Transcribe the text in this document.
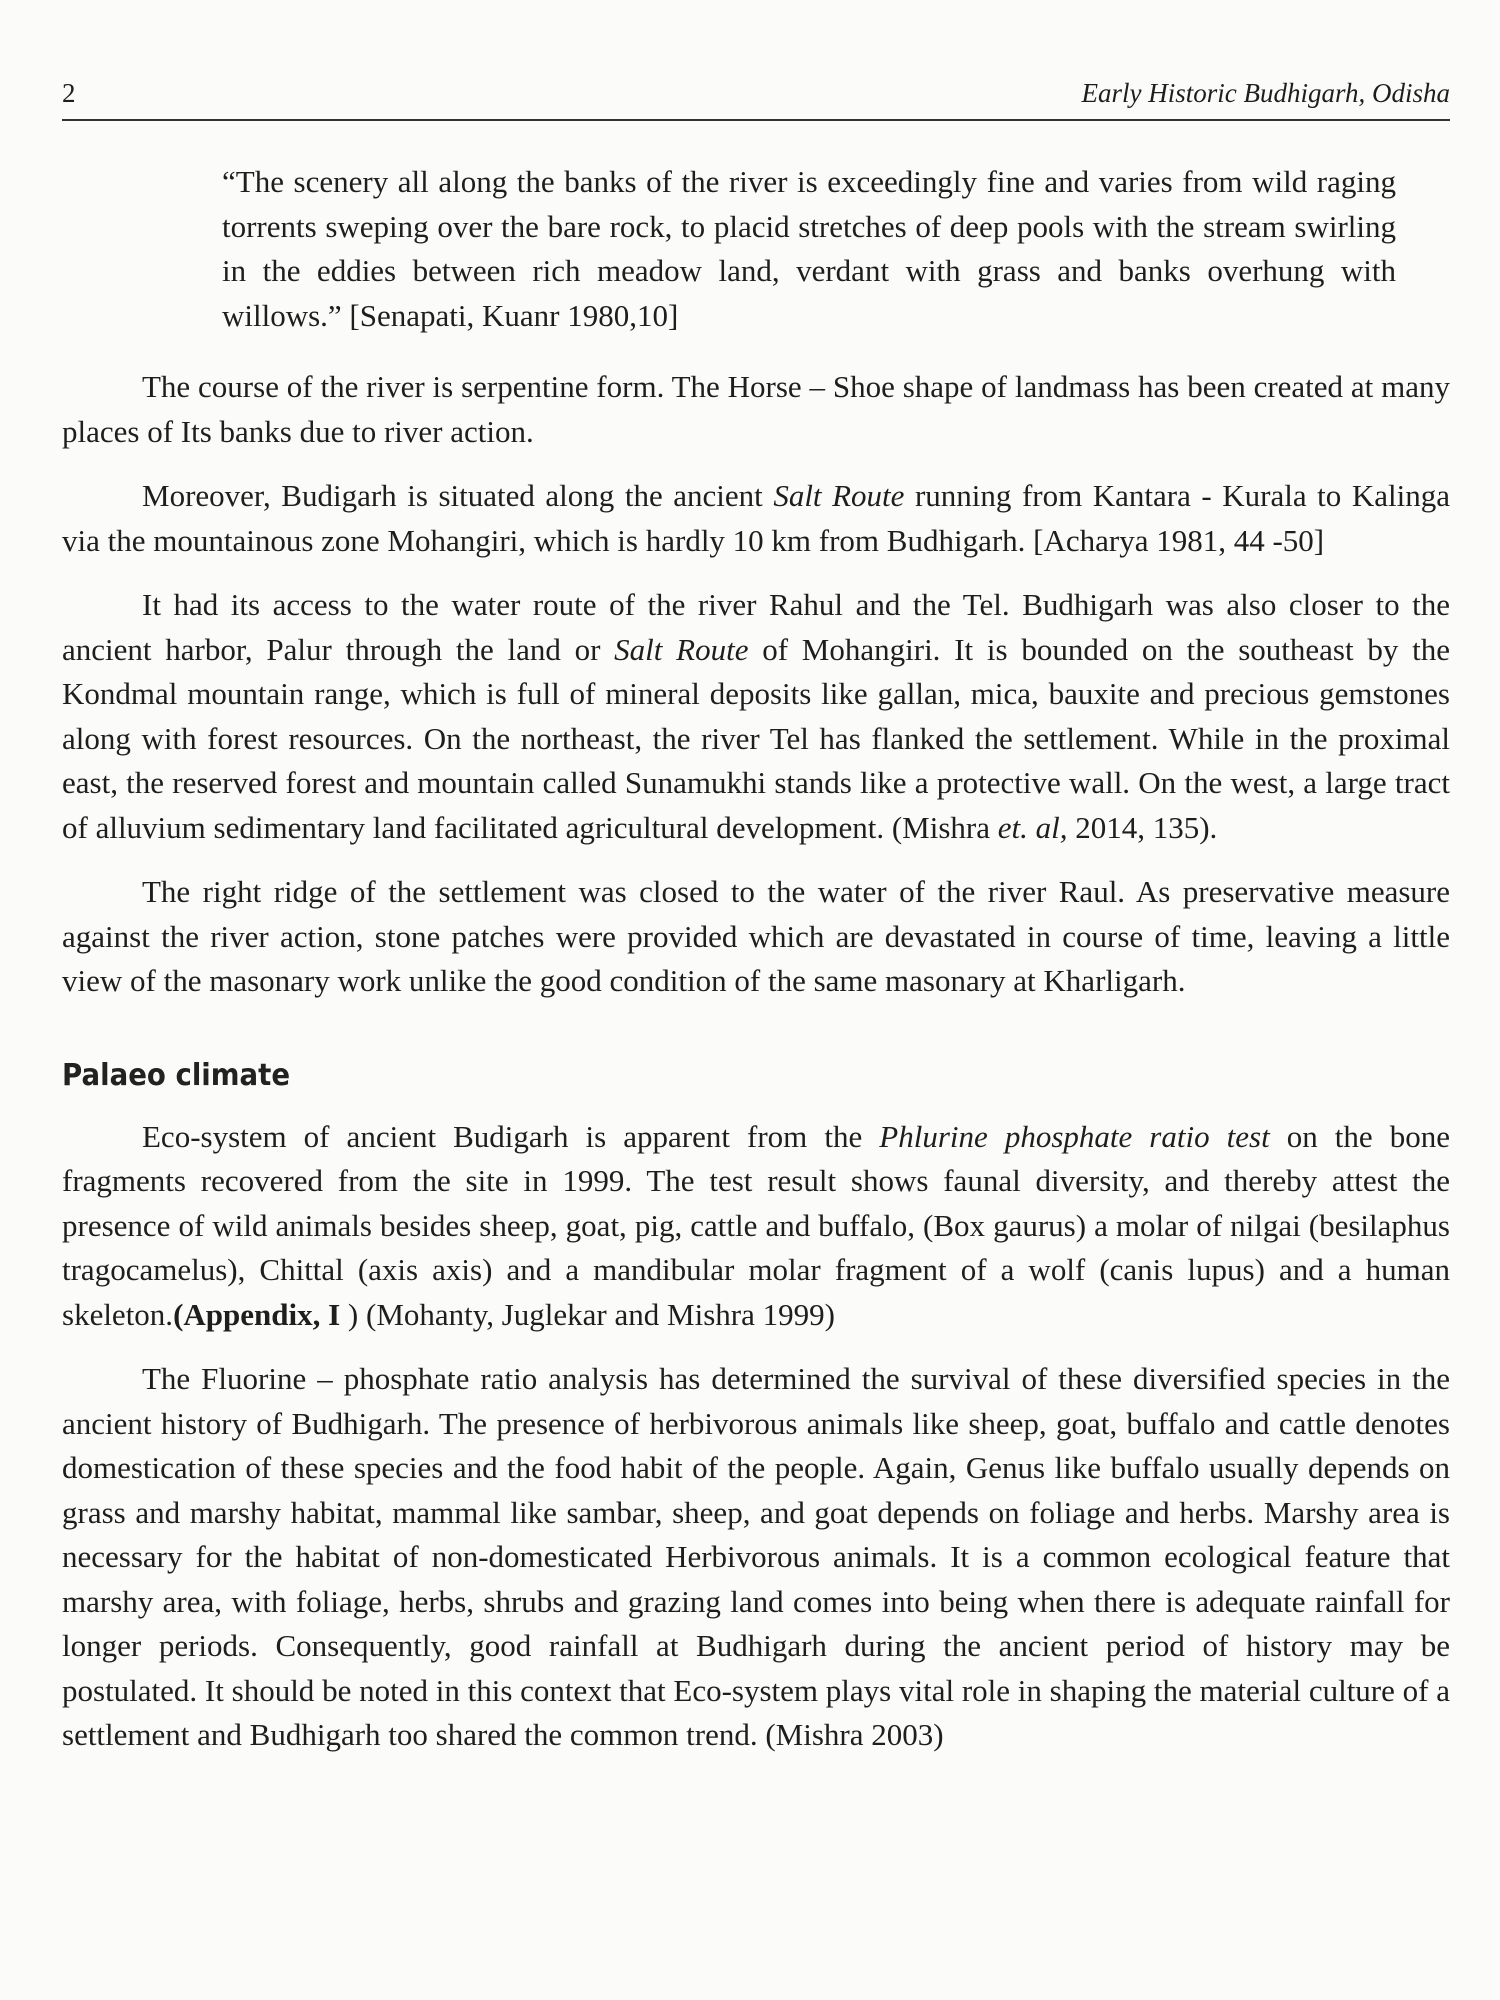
2	Early Historic Budhigarh, Odisha

“The scenery all along the banks of the river is exceedingly fine and varies from wild raging torrents sweping over the bare rock, to placid stretches of deep pools with the stream swirling in the eddies between rich meadow land, verdant with grass and banks overhung with willows.” [Senapati, Kuanr 1980,10]

The course of the river is serpentine form. The Horse – Shoe shape of landmass has been created at many places of Its banks due to river action.

Moreover, Budigarh is situated along the ancient Salt Route running from Kantara - Kurala to Kalinga via the mountainous zone Mohangiri, which is hardly 10 km from Budhigarh. [Acharya 1981, 44 -50]

It had its access to the water route of the river Rahul and the Tel. Budhigarh was also closer to the ancient harbor, Palur through the land or Salt Route of Mohangiri. It is bounded on the southeast by the Kondmal mountain range, which is full of mineral deposits like gallan, mica, bauxite and precious gemstones along with forest resources. On the northeast, the river Tel has flanked the settlement. While in the proximal east, the reserved forest and mountain called Sunamukhi stands like a protective wall. On the west, a large tract of alluvium sedimentary land facilitated agricultural development. (Mishra et. al, 2014, 135).

The right ridge of the settlement was closed to the water of the river Raul. As preservative measure against the river action, stone patches were provided which are devastated in course of time, leaving a little view of the masonary work unlike the good condition of the same masonary at Kharligarh.

Palaeo climate

Eco-system of ancient Budigarh is apparent from the Phlurine phosphate ratio test on the bone fragments recovered from the site in 1999. The test result shows faunal diversity, and thereby attest the presence of wild animals besides sheep, goat, pig, cattle and buffalo, (Box gaurus) a molar of nilgai (besilaphus tragocamelus), Chittal (axis axis) and a mandibular molar fragment of a wolf (canis lupus) and a human skeleton.(Appendix, I ) (Mohanty, Juglekar and Mishra 1999)

The Fluorine – phosphate ratio analysis has determined the survival of these diversified species in the ancient history of Budhigarh. The presence of herbivorous animals like sheep, goat, buffalo and cattle denotes domestication of these species and the food habit of the people. Again, Genus like buffalo usually depends on grass and marshy habitat, mammal like sambar, sheep, and goat depends on foliage and herbs. Marshy area is necessary for the habitat of non-domesticated Herbivorous animals. It is a common ecological feature that marshy area, with foliage, herbs, shrubs and grazing land comes into being when there is adequate rainfall for longer periods. Consequently, good rainfall at Budhigarh during the ancient period of history may be postulated. It should be noted in this context that Eco-system plays vital role in shaping the material culture of a settlement and Budhigarh too shared the common trend. (Mishra 2003)
